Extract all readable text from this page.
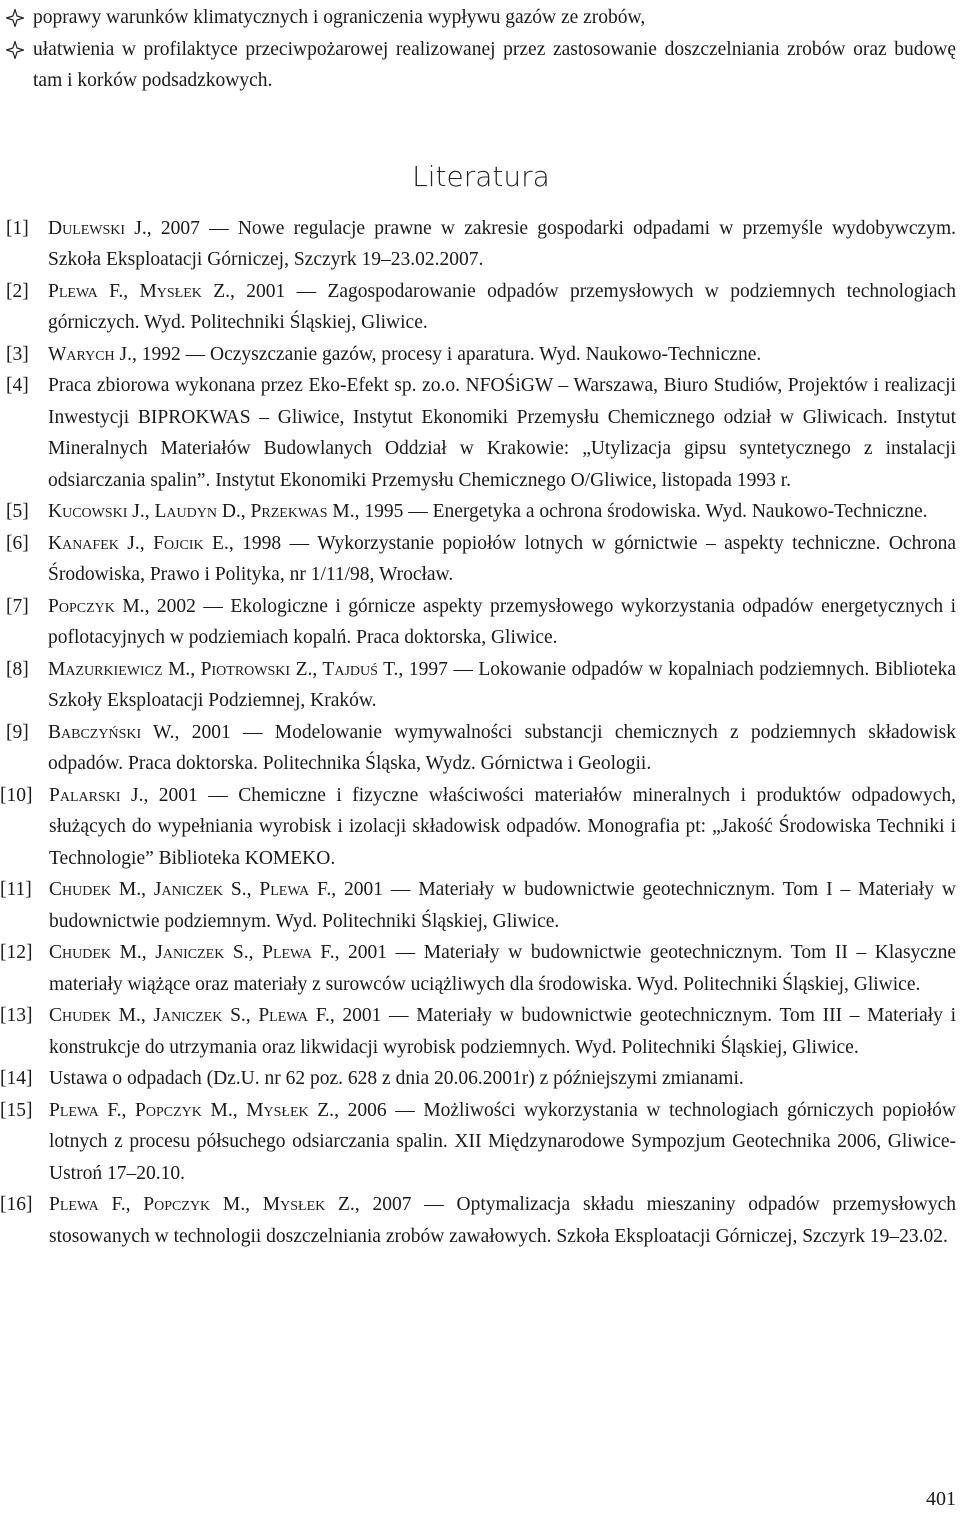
poprawy warunków klimatycznych i ograniczenia wypływu gazów ze zrobów,
ułatwienia w profilaktyce przeciwpożarowej realizowanej przez zastosowanie doszczelniania zrobów oraz budowę tam i korków podsadzkowych.
Literatura
[1] Dulewski J., 2007 — Nowe regulacje prawne w zakresie gospodarki odpadami w przemyśle wydobywczym. Szkoła Eksploatacji Górniczej, Szczyrk 19–23.02.2007.
[2] Plewa F., Mysłek Z., 2001 — Zagospodarowanie odpadów przemysłowych w podziemnych technologiach górniczych. Wyd. Politechniki Śląskiej, Gliwice.
[3] Warych J., 1992 — Oczyszczanie gazów, procesy i aparatura. Wyd. Naukowo-Techniczne.
[4] Praca zbiorowa wykonana przez Eko-Efekt sp. zo.o. NFOŚiGW – Warszawa, Biuro Studiów, Projektów i realizacji Inwestycji BIPROKWAS – Gliwice, Instytut Ekonomiki Przemysłu Chemicznego odział w Gliwicach. Instytut Mineralnych Materiałów Budowlanych Oddział w Krakowie: „Utylizacja gipsu syntetycznego z instalacji odsiarczania spalin”. Instytut Ekonomiki Przemysłu Chemicznego O/Gliwice, listopada 1993 r.
[5] Kucowski J., Laudyn D., Przekwas M., 1995 — Energetyka a ochrona środowiska. Wyd. Naukowo-Techniczne.
[6] Kanafek J., Fojcik E., 1998 — Wykorzystanie popiołów lotnych w górnictwie – aspekty techniczne. Ochrona Środowiska, Prawo i Polityka, nr 1/11/98, Wrocław.
[7] Popczyk M., 2002 — Ekologiczne i górnicze aspekty przemysłowego wykorzystania odpadów energetycznych i poflotacyjnych w podziemiach kopalń. Praca doktorska, Gliwice.
[8] Mazurkiewicz M., Piotrowski Z., Tajduś T., 1997 — Lokowanie odpadów w kopalniach podziemnych. Biblioteka Szkoły Eksploatacji Podziemnej, Kraków.
[9] Babczyński W., 2001 — Modelowanie wymywalności substancji chemicznych z podziemnych składowisk odpadów. Praca doktorska. Politechnika Śląska, Wydz. Górnictwa i Geologii.
[10] Palarski J., 2001 — Chemiczne i fizyczne właściwości materiałów mineralnych i produktów odpadowych, służących do wypełniania wyrobisk i izolacji składowisk odpadów. Monografia pt: „Jakość Środowiska Techniki i Technologie” Biblioteka KOMEKO.
[11] Chudek M., Janiczek S., Plewa F., 2001 — Materiały w budownictwie geotechnicznym. Tom I – Materiały w budownictwie podziemnym. Wyd. Politechniki Śląskiej, Gliwice.
[12] Chudek M., Janiczek S., Plewa F., 2001 — Materiały w budownictwie geotechnicznym. Tom II – Klasyczne materiały wiążące oraz materiały z surowców uciążliwych dla środowiska. Wyd. Politechniki Śląskiej, Gliwice.
[13] Chudek M., Janiczek S., Plewa F., 2001 — Materiały w budownictwie geotechnicznym. Tom III – Materiały i konstrukcje do utrzymania oraz likwidacji wyrobisk podziemnych. Wyd. Politechniki Śląskiej, Gliwice.
[14] Ustawa o odpadach (Dz.U. nr 62 poz. 628 z dnia 20.06.2001r) z późniejszymi zmianami.
[15] Plewa F., Popczyk M., Mysłek Z., 2006 — Możliwości wykorzystania w technologiach górniczych popiołów lotnych z procesu półsuchego odsiarczania spalin. XII Międzynarodowe Sympozjum Geotechnika 2006, Gliwice-Ustroń 17–20.10.
[16] Plewa F., Popczyk M., Mysłek Z., 2007 — Optymalizacja składu mieszaniny odpadów przemysłowych stosowanych w technologii doszczelniania zrobów zawałowych. Szkoła Eksploatacji Górniczej, Szczyrk 19–23.02.
401
